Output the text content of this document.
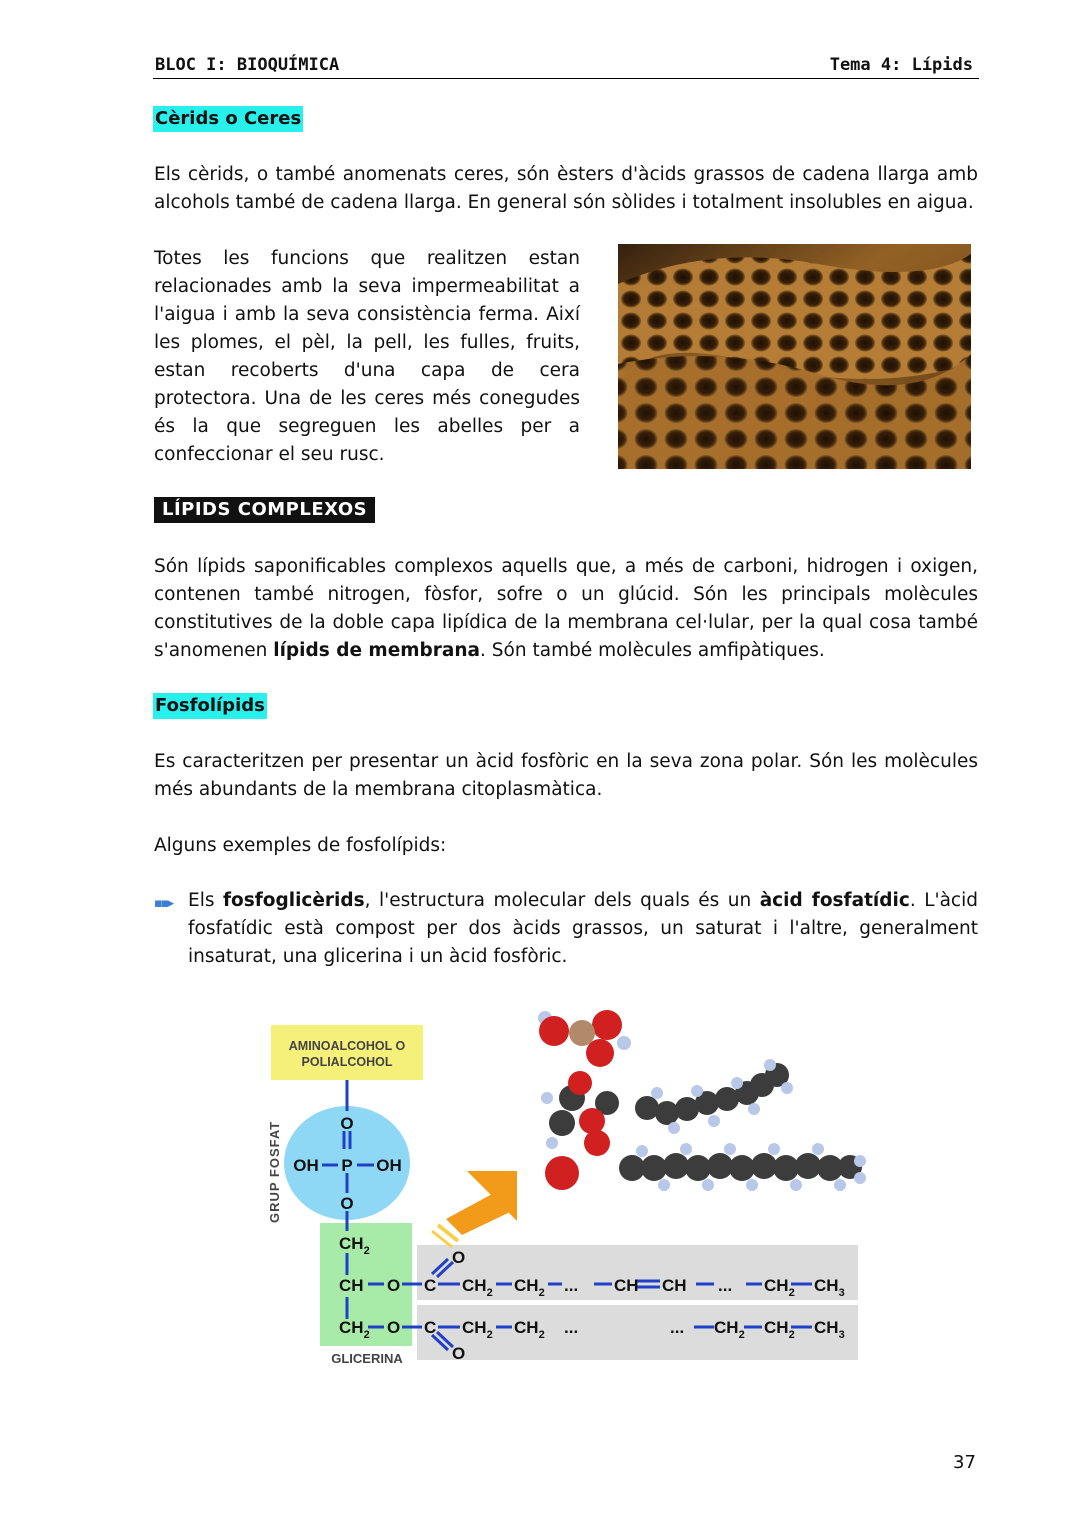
BLOC I: BIOQUÍMICA	Tema 4: Lípids
Cèrids o Ceres
Els cèrids, o també anomenats ceres, són èsters d'àcids grassos de cadena llarga amb alcohols també de cadena llarga. En general són sòlides i totalment insolubles en aigua.
Totes les funcions que realitzen estan relacionades amb la seva impermeabilitat a l'aigua i amb la seva consistència ferma. Així les plomes, el pèl, la pell, les fulles, fruits, estan recoberts d'una capa de cera protectora. Una de les ceres més conegudes és la que segreguen les abelles per a confeccionar el seu rusc.
LÍPIDS COMPLEXOS
Són lípids saponificables complexos aquells que, a més de carboni, hidrogen i oxigen, contenen també nitrogen, fòsfor, sofre o un glúcid. Són les principals molècules constitutives de la doble capa lipídica de la membrana cel·lular, per la qual cosa també s'anomenen lípids de membrana. Són també molècules amfipàtiques.
Fosfolípids
Es caracteritzen per presentar un àcid fosfòric en la seva zona polar. Són les molècules més abundants de la membrana citoplasmàtica.
Alguns exemples de fosfolípids:
▪▪▸ Els fosfoglicèrids, l'estructura molecular dels quals és un àcid fosfatídic. L'àcid fosfatídic està compost per dos àcids grassos, un saturat i l'altre, generalment insaturat, una glicerina i un àcid fosfòric.
AMINOALCOHOL O
POLIALCOHOL
GRUP FOSFAT	O
OH P OH
O
$CH_2$
CH
$CH_2$
O
O
GLICERINA
C
O
$CH_2$ $CH_2$ ... CH CH ... $CH_2$ $CH_3$
C
O
$CH_2$ $CH_2$ ...	... $CH_2$ $CH_2$ $CH_3$
37
